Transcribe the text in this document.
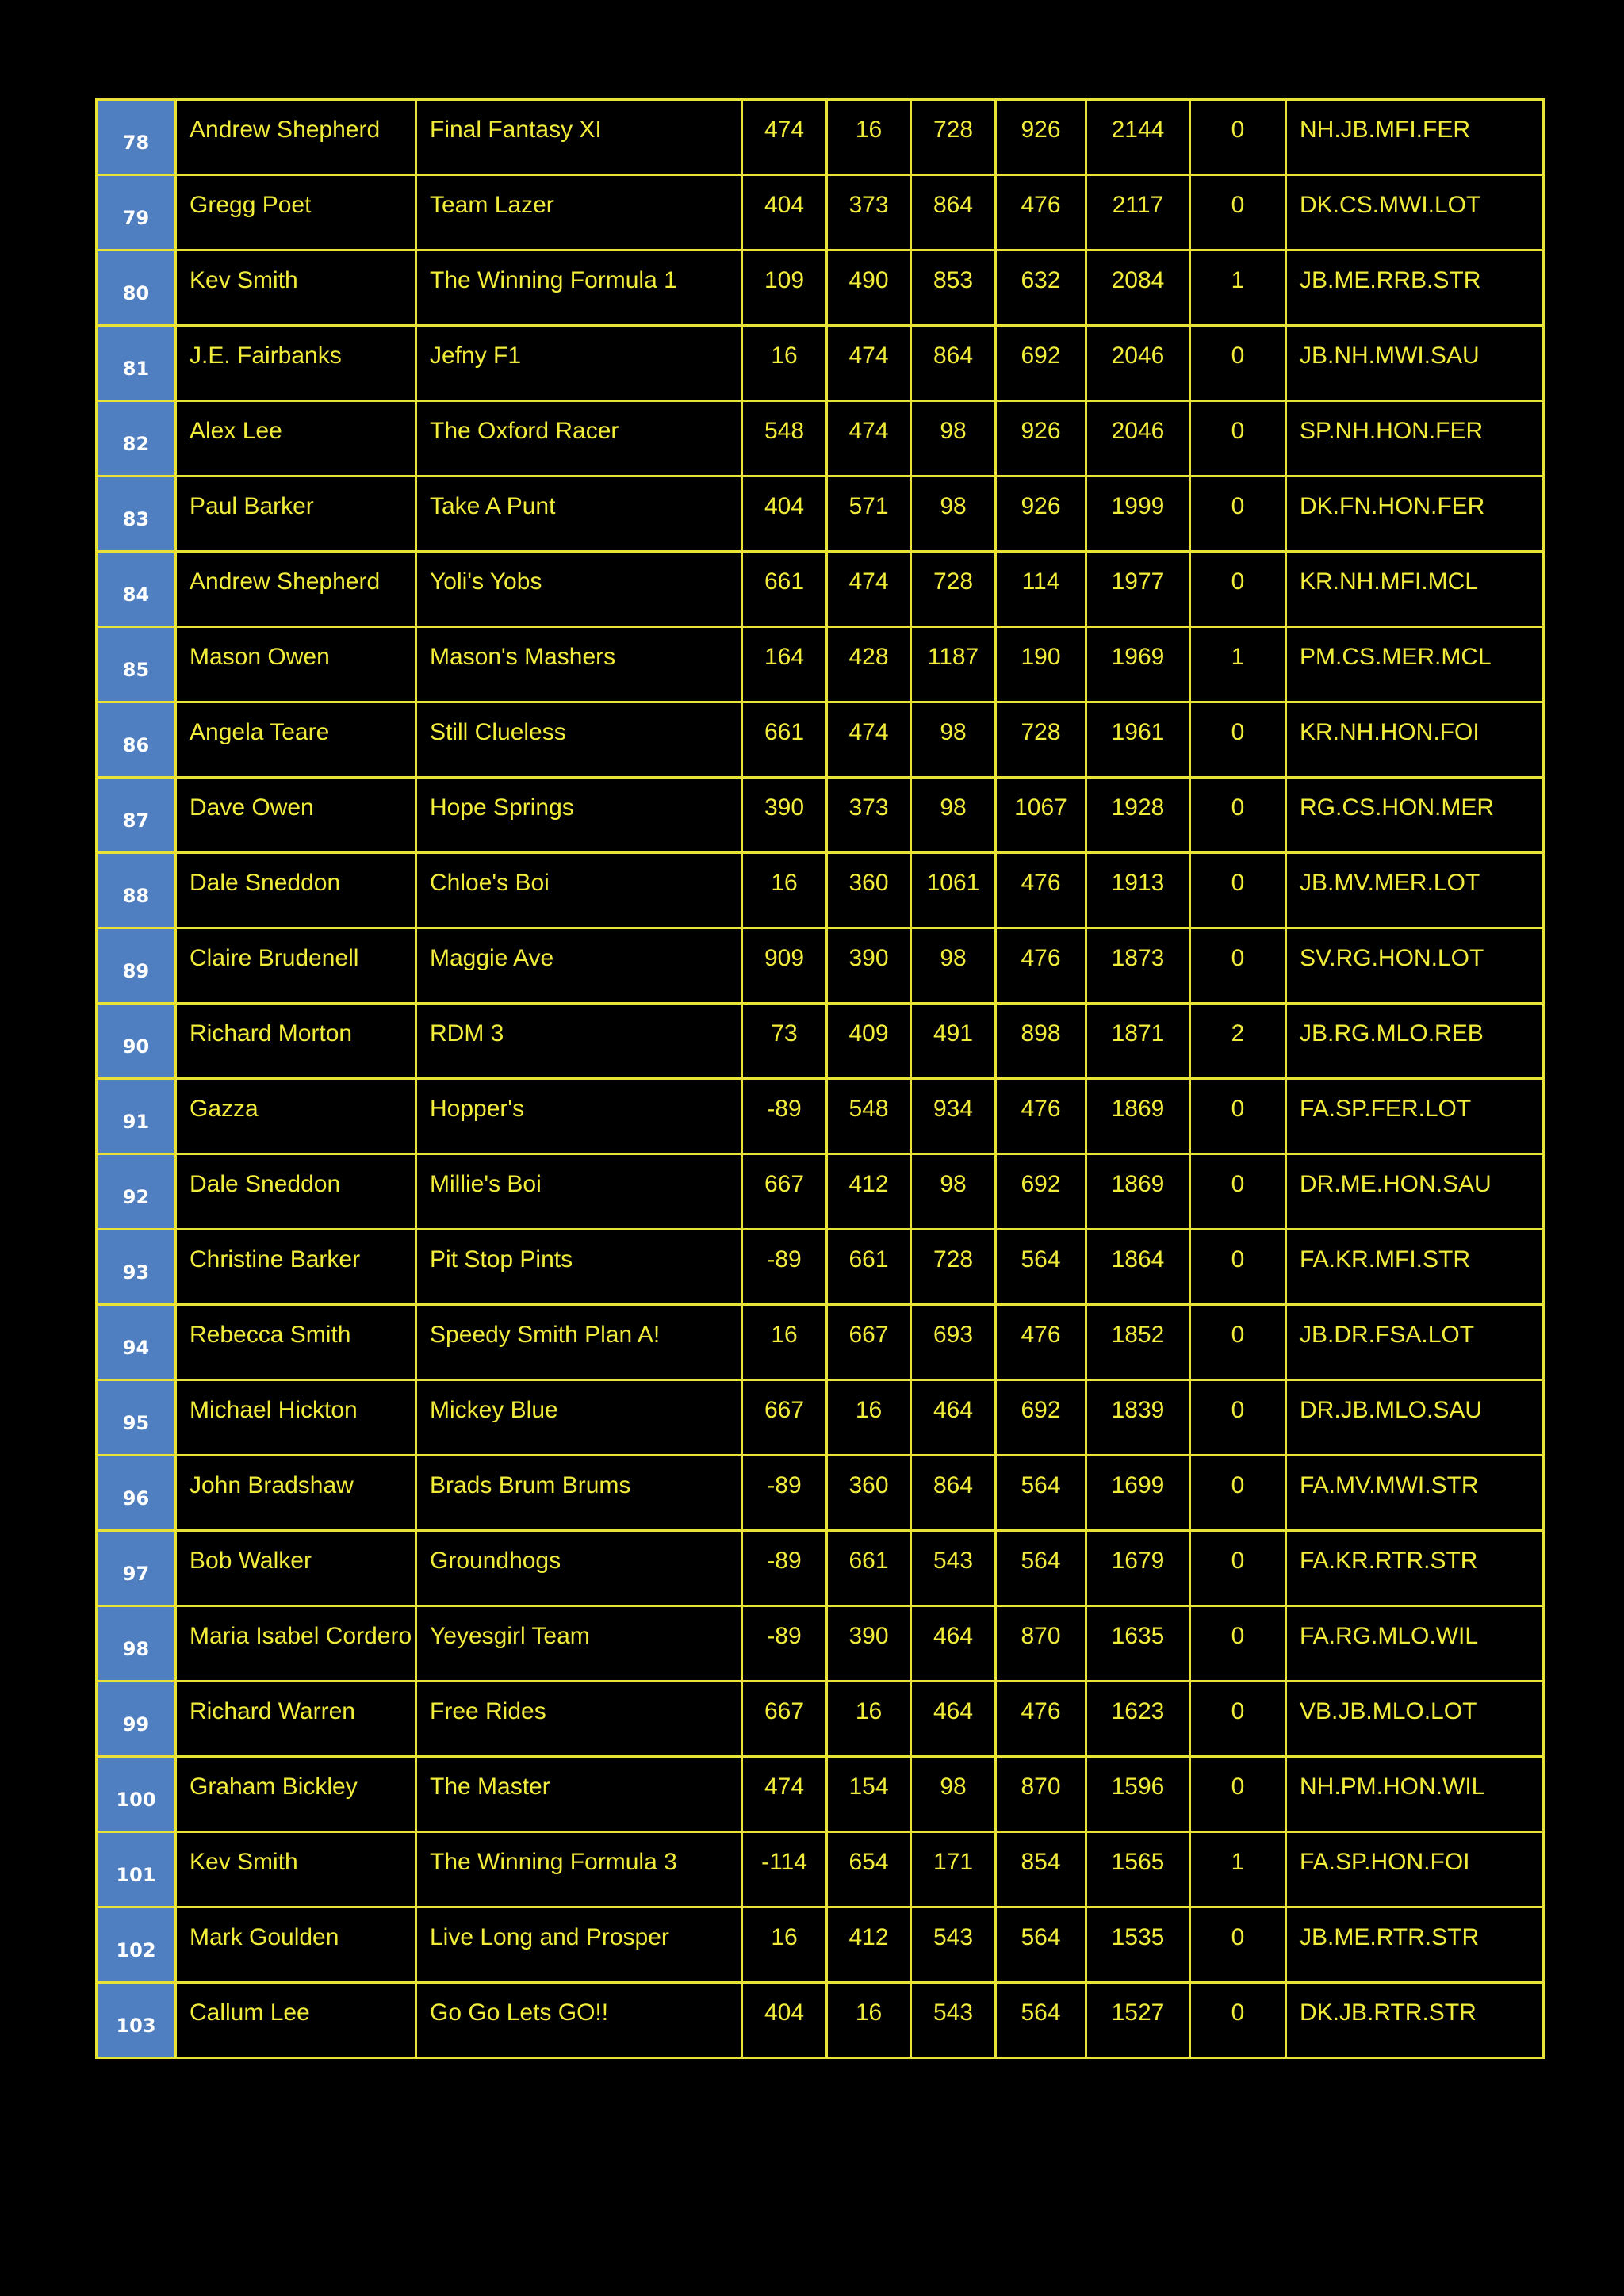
78	Andrew Shepherd	Final Fantasy XI	474	16	728	926	2144	0	NH.JB.MFI.FER

79	Gregg Poet	Team Lazer	404	373	864	476	2117	0	DK.CS.MWI.LOT

80	Kev Smith	The Winning Formula 1	109	490	853	632	2084	1	JB.ME.RRB.STR

81	J.E. Fairbanks	Jefny F1	16	474	864	692	2046	0	JB.NH.MWI.SAU

82	Alex Lee	The Oxford Racer	548	474	98	926	2046	0	SP.NH.HON.FER

83	Paul Barker	Take A Punt	404	571	98	926	1999	0	DK.FN.HON.FER

84	Andrew Shepherd	Yoli's Yobs	661	474	728	114	1977	0	KR.NH.MFI.MCL

85	Mason Owen	Mason's Mashers	164	428	1187	190	1969	1	PM.CS.MER.MCL

86	Angela Teare	Still Clueless	661	474	98	728	1961	0	KR.NH.HON.FOI

87	Dave Owen	Hope Springs	390	373	98	1067	1928	0	RG.CS.HON.MER

88	Dale Sneddon	Chloe's Boi	16	360	1061	476	1913	0	JB.MV.MER.LOT

89	Claire Brudenell	Maggie Ave	909	390	98	476	1873	0	SV.RG.HON.LOT

90	Richard Morton	RDM 3	73	409	491	898	1871	2	JB.RG.MLO.REB

91	Gazza	Hopper's	-89	548	934	476	1869	0	FA.SP.FER.LOT

92	Dale Sneddon	Millie's Boi	667	412	98	692	1869	0	DR.ME.HON.SAU

93	Christine Barker	Pit Stop Pints	-89	661	728	564	1864	0	FA.KR.MFI.STR

94	Rebecca Smith	Speedy Smith Plan A!	16	667	693	476	1852	0	JB.DR.FSA.LOT

95	Michael Hickton	Mickey Blue	667	16	464	692	1839	0	DR.JB.MLO.SAU

96	John Bradshaw	Brads Brum Brums	-89	360	864	564	1699	0	FA.MV.MWI.STR

97	Bob Walker	Groundhogs	-89	661	543	564	1679	0	FA.KR.RTR.STR

98	Maria Isabel Cordero	Yeyesgirl Team	-89	390	464	870	1635	0	FA.RG.MLO.WIL

99	Richard Warren	Free Rides	667	16	464	476	1623	0	VB.JB.MLO.LOT

100	Graham Bickley	The Master	474	154	98	870	1596	0	NH.PM.HON.WIL

101	Kev Smith	The Winning Formula 3	-114	654	171	854	1565	1	FA.SP.HON.FOI

102	Mark Goulden	Live Long and Prosper	16	412	543	564	1535	0	JB.ME.RTR.STR

103	Callum Lee	Go Go Lets GO!!	404	16	543	564	1527	0	DK.JB.RTR.STR
